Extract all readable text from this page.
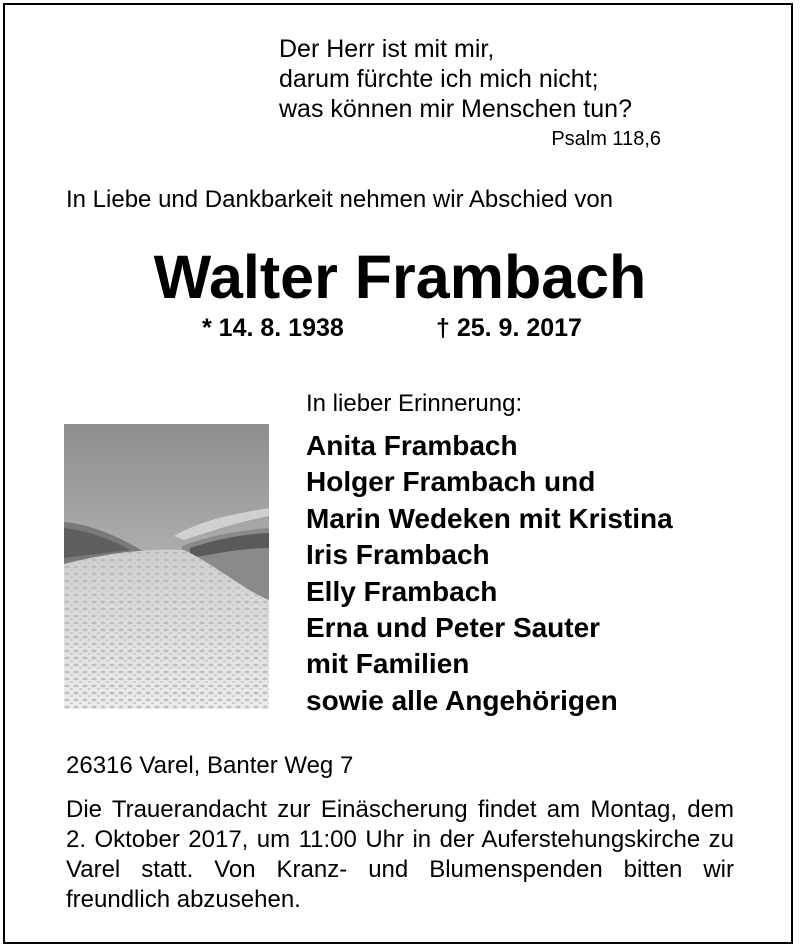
Der Herr ist mit mir,
darum fürchte ich mich nicht;
was können mir Menschen tun?
Psalm 118,6
In Liebe und Dankbarkeit nehmen wir Abschied von
Walter Frambach
* 14. 8. 1938	† 25. 9. 2017
In lieber Erinnerung:
Anita Frambach
Holger Frambach und
Marin Wedeken mit Kristina
Iris Frambach
Elly Frambach
Erna und Peter Sauter
mit Familien
sowie alle Angehörigen
26316 Varel, Banter Weg 7
Die Trauerandacht zur Einäscherung findet am Montag, dem 2. Oktober 2017, um 11:00 Uhr in der Auferstehungskirche zu Varel statt. Von Kranz- und Blumenspenden bitten wir freundlich abzusehen.
